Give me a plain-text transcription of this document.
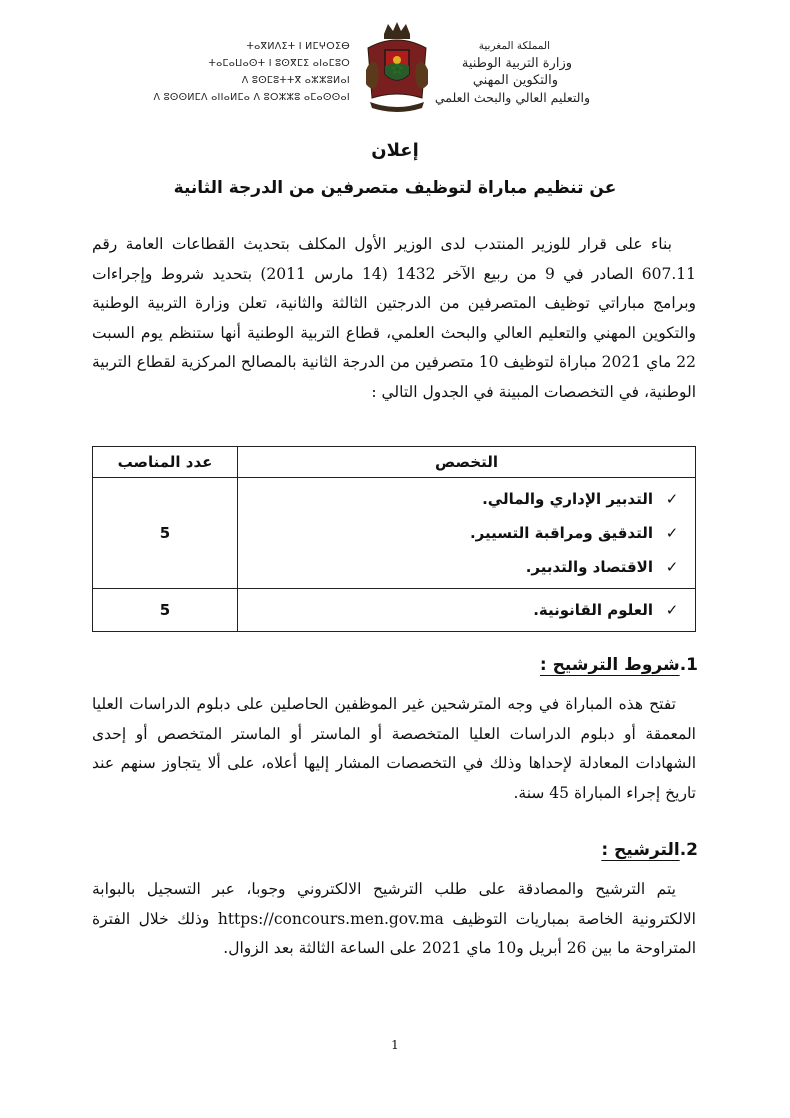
ⵜⴰⴳⵍⴷⵉⵜ ⵏ ⵍⵎⵖⵔⵉⴱ
ⵜⴰⵎⴰⵡⴰⵙⵜ ⵏ ⵓⵙⴳⵎⵉ ⴰⵏⴰⵎⵓⵔ
ⴷ ⵓⵙⵎⵓⵜⵜⴳ ⴰⵣⵣⵓⵍⴰⵏ
ⴷ ⵓⵙⵙⵍⵎⴷ ⴰⵏⵏⴰⵍⵎⴰ ⴷ ⵓⵔⵣⵣⵓ ⴰⵎⴰⵙⵙⴰⵏ
المملكة المغربية
وزارة التربية الوطنية
والتكوين المهني
والتعليم العالي والبحث العلمي
إعلان
عن تنظيم مباراة لتوظيف متصرفين من الدرجة الثانية
بناء على قرار للوزير المنتدب لدى الوزير الأول المكلف بتحديث القطاعات العامة رقم 607.11 الصادر في 9 من ربيع الآخر 1432 (14 مارس 2011) بتحديد شروط وإجراءات وبرامج مباراتي توظيف المتصرفين من الدرجتين الثالثة والثانية، تعلن وزارة التربية الوطنية والتكوين المهني والتعليم العالي والبحث العلمي، قطاع التربية الوطنية أنها ستنظم يوم السبت 22 ماي 2021 مباراة لتوظيف 10 متصرفين من الدرجة الثانية بالمصالح المركزية لقطاع التربية الوطنية، في التخصصات المبينة في الجدول التالي :
التخصص	عدد المناصب

✓التدبير الإداري والمالي.
✓التدقيق ومراقبة التسيير.
✓الاقتصاد والتدبير.	5

✓العلوم القانونية.	5
1.شروط الترشيح :
تفتح هذه المباراة في وجه المترشحين غير الموظفين الحاصلين على دبلوم الدراسات العليا المعمقة أو دبلوم الدراسات العليا المتخصصة أو الماستر أو الماستر المتخصص أو إحدى الشهادات المعادلة لإحداها وذلك في التخصصات المشار إليها أعلاه، على ألا يتجاوز سنهم عند تاريخ إجراء المباراة 45 سنة.
2.الترشيح :
يتم الترشيح والمصادقة على طلب الترشيح الالكتروني وجوبا، عبر التسجيل بالبوابة الالكترونية الخاصة بمباريات التوظيف https://concours.men.gov.ma وذلك خلال الفترة المتراوحة ما بين 26 أبريل و10 ماي 2021 على الساعة الثالثة بعد الزوال.
1
